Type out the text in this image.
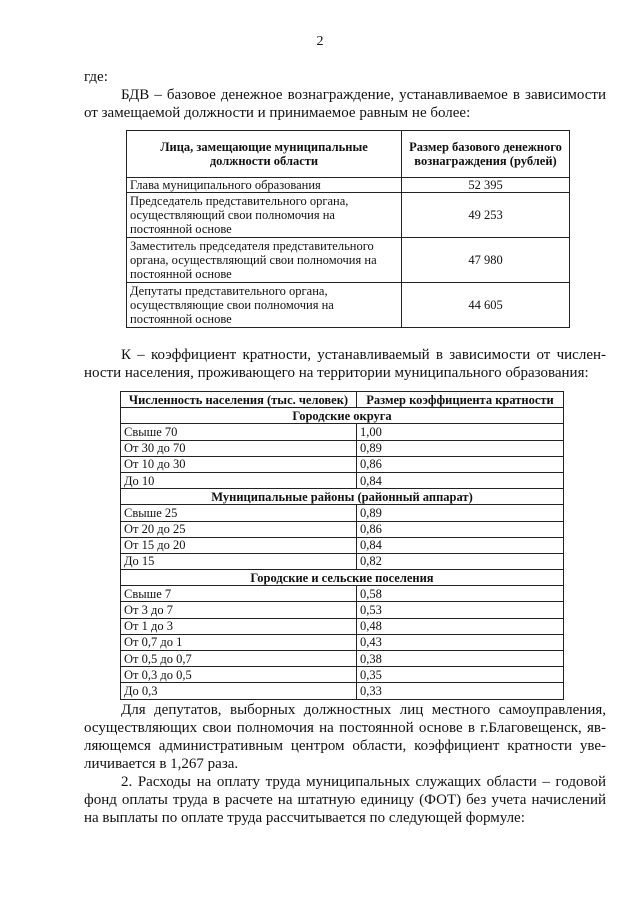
2
где:
БДВ – базовое денежное вознаграждение, устанавливаемое в зависимости
от замещаемой должности и принимаемое равным не более:
Лица, замещающие муниципальные должности области	Размер базового денежного вознаграждения (рублей)
Глава муниципального образования	52 395
Председатель представительного органа, осуществляющий свои полномочия на постоянной основе	49 253
Заместитель председателя представительного органа, осуществляющий свои полномочия на постоянной основе	47 980
Депутаты представительного органа, осуществляющие свои полномочия на постоянной основе	44 605
К – коэффициент кратности, устанавливаемый в зависимости от числен-
ности населения, проживающего на территории муниципального образования:
Численность населения (тыс. человек)	Размер коэффициента кратности
Городские округа	
Свыше 70	1,00
От 30 до 70	0,89
От 10 до 30	0,86
До 10	0,84
Муниципальные районы (районный аппарат)	
Свыше 25	0,89
От 20 до 25	0,86
От 15 до 20	0,84
До 15	0,82
Городские и сельские поселения	
Свыше 7	0,58
От 3 до 7	0,53
От 1 до 3	0,48
От 0,7 до 1	0,43
От 0,5 до 0,7	0,38
От 0,3 до 0,5	0,35
До 0,3	0,33
Для депутатов, выборных должностных лиц местного самоуправления,
осуществляющих свои полномочия на постоянной основе в г.Благовещенск, яв-
ляющемся административным центром области, коэффициент кратности уве-
личивается в 1,267 раза.
2. Расходы на оплату труда муниципальных служащих области – годовой
фонд оплаты труда в расчете на штатную единицу (ФОТ) без учета начислений
на выплаты по оплате труда рассчитывается по следующей формуле:
